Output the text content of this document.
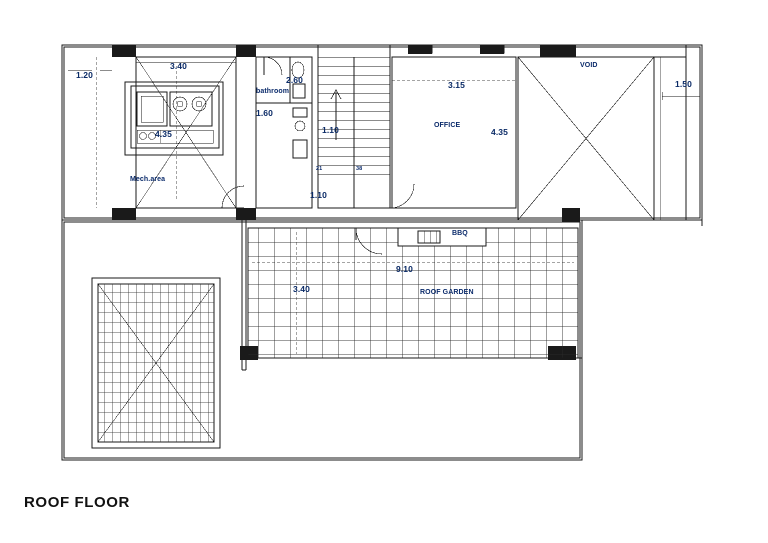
1.20
3.40
4.35
2.60
1.60
1.10
1.10
3.15
4.35
1.50
9.10
3.40
21	38
Mech.area
bathroom
OFFICE
VOID
BBQ
ROOF GARDEN
ROOF FLOOR
